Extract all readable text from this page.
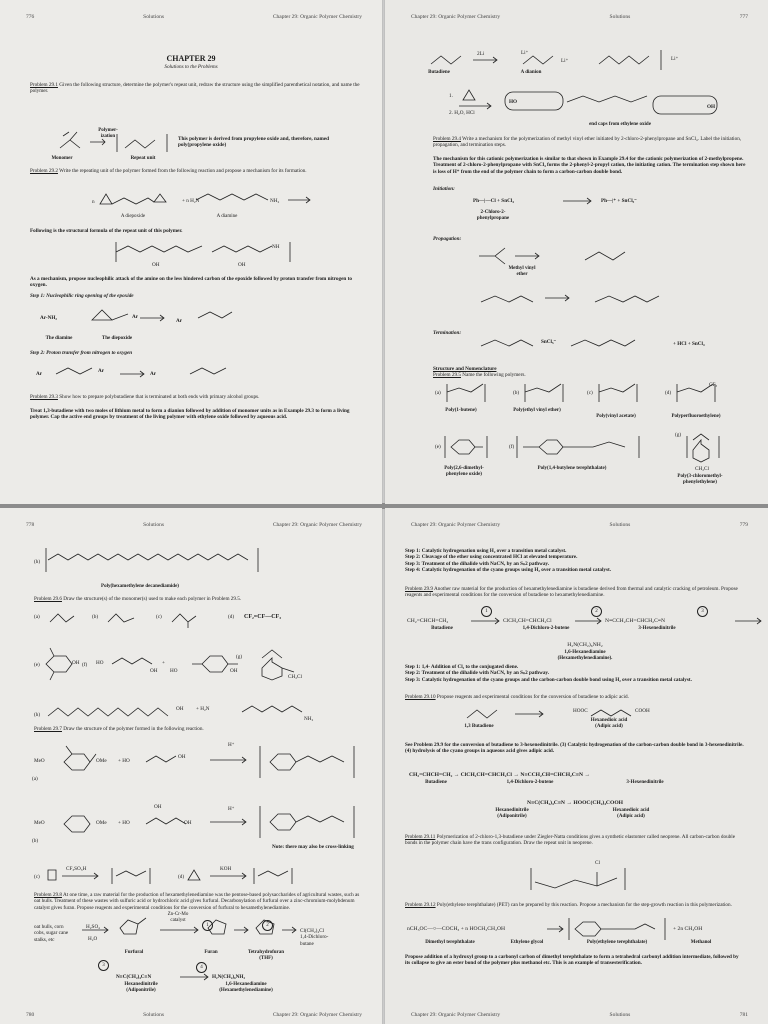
776	Solutions	Chapter 29: Organic Polymer Chemistry
CHAPTER 29
Solutions to the Problems
Problem 29.1 Given the following structure, determine the polymer's repeat unit, redraw the structure using the simplified parenthetical notation, and name the polymer.
Polymer-
ization
Monomer	Repeat unit
This polymer is derived from propylene oxide and, therefore, named poly(propylene oxide)
Problem 29.2 Write the repeating unit of the polymer formed from the following reaction and propose a mechanism for its formation.
n	+ n H₂N	NH₂
A diepoxide	A diamine
Following is the structural formula of the repeat unit of this polymer.
OH	OH
NH
As a mechanism, propose nucleophilic attack of the amine on the less hindered carbon of the epoxide followed by proton transfer from nitrogen to oxygen.
Step 1: Nucleophilic ring opening of the epoxide
Ar-NH₂	Ar
Ar
The diamine	The diepoxide
Step 2: Proton transfer from nitrogen to oxygen
Ar	Ar	Ar
Problem 29.3 Show how to prepare polybutadiene that is terminated at both ends with primary alcohol groups.
Treat 1,3-butadiene with two moles of lithium metal to form a dianion followed by addition of monomer units as in Example 29.3 to form a living polymer. Cap the active end groups by treatment of the living polymer with ethylene oxide followed by aqueous acid.
Chapter 29: Organic Polymer Chemistry	Solutions	777
2Li	Li⁺
Li⁺	Li⁺
Butadiene	A dianion
1.
2. H₂O, HCl
HO
OH
end caps from ethylene oxide
Problem 29.4 Write a mechanism for the polymerization of methyl vinyl ether initiated by 2-chloro-2-phenylpropane and SnCl₄. Label the initiation, propagation, and termination steps.
The mechanism for this cationic polymerization is similar to that shown in Example 29.4 for the cationic polymerization of 2-methylpropene. Treatment of 2-chloro-2-phenylpropane with SnCl₄ forms the 2-phenyl-2-propyl cation, the initiating cation. The termination step shown here is loss of H⁺ from the end of the polymer chain to form a carbon-carbon double bond.
Initiation:
Ph—|—Cl + SnCl₄	Ph—|⁺ + SnCl₅⁻
2-Chloro-2-
phenylpropane
Propagation:
Methyl vinyl
ether
Termination:
SnCl₅⁻	+ HCl + SnCl₄
Structure and Nomenclature
Problem 29.5 Name the following polymers.
(a)	(b)	(c)	(d)
CF₃
Poly(1-butene)	Poly(ethyl vinyl ether)
Poly(vinyl acetate)	Polyperfluoroethylene)
(e)	(f)
(g)
CH₂Cl
Poly(2,6-dimethyl-
phenylene oxide)
Poly(1,4-butylene terephthalate)
Poly(3-chloromethyl-
phenylethylene)
778	Solutions	Chapter 29: Organic Polymer Chemistry
(h)
Poly(hexamethylene decanediamide)
Problem 29.6 Draw the structure(s) of the monomer(s) used to make each polymer in Problem 29.5.
(a)	(b)	(c)	(d) CF₂=CF—CF₃
(e)	(f)
(g)
OH	HO
OH
+
HO	OH
CH₂Cl
(h)
OH + H₂N
NH₂
Problem 29.7 Draw the structure of the polymer formed in the following reaction.
MeO	OMe + HO
OH
H⁺
(a)
MeO	OMe + HO
OH
OH
H⁺
(b)
Note: there may also be cross-linking
(c)
CF₃SO₃H
(d)
KOH
Problem 29.8 At one time, a raw material for the production of hexamethylenediamine was the pentose-based polysaccharides of agricultural wastes, such as oat hulls. Treatment of these wastes with sulfuric acid or hydrochloric acid gives furfural. Decarbonylation of furfural over a zinc-chromium-molybdenum catalyst gives furan. Propose reagents and experimental conditions for the conversion of furfural to hexamethylenediamine.
oat hulls, corn
cobs, sugar cane
stalks, etc
H₂SO₄
H₂O
Zn-Cr-Mo
catalyst
1	2
Cl(CH₂)₄Cl
1,4-Dichloro-
butane
Furfural	Furan	Tetrahydrofuran
(THF)
3	4
N≡C(CH₂)₄C≡N	H₂N(CH₂)₆NH₂
Hexanedinitrile
(Adiponitrile)
1,6-Hexanediamine
(Hexamethylenediamine)
780	Solutions	Chapter 29: Organic Polymer Chemistry
Chapter 29: Organic Polymer Chemistry	Solutions	779
Step 1: Catalytic hydrogenation using H₂ over a transition metal catalyst.
Step 2: Cleavage of the ether using concentrated HCl at elevated temperature.
Step 3: Treatment of the dihalide with NaCN, by an Sₙ2 pathway.
Step 4: Catalytic hydrogenation of the cyano groups using H₂ over a transition metal catalyst.
Problem 29.9 Another raw material for the production of hexamethylenediamine is butadiene derived from thermal and catalytic cracking of petroleum. Propose reagents and experimental conditions for the conversion of butadiene to hexamethylenediamine.
1	2	3
CH₂=CHCH=CH₂	ClCH₂CH=CHCH₂Cl	N≡CCH₂CH=CHCH₂C≡N
Butadiene	1,4-Dichloro-2-butene	3-Hexenedinitrile
H₂N(CH₂)₆NH₂
1,6-Hexanediamine
(Hexamethylenediamine).
Step 1: 1,4- Addition of Cl₂ to the conjugated diene.
Step 2: Treatment of the dihalide with NaCN, by an Sₙ2 pathway.
Step 3: Catalytic hydrogenation of the cyano groups and the carbon-carbon double bond using H₂ over a transition metal catalyst.
Problem 29.10 Propose reagents and experimental conditions for the conversion of butadiene to adipic acid.
HOOC	COOH
1,3 Butadiene
Hexanedioic acid
(Adipic acid)
See Problem 29.9 for the conversion of butadiene to 3-hexenedinitrile. (3) Catalytic hydrogenation of the carbon-carbon double bond in 3-hexenedinitrile. (4) hydrolysis of the cyano groups in aqueous acid gives adipic acid.
CH₂=CHCH=CH₂ → ClCH₂CH=CHCH₂Cl → N≡CCH₂CH=CHCH₂C≡N →
Butadiene	1,4-Dichloro-2-butene	3-Hexenedinitrile
N≡C(CH₂)₄C≡N → HOOC(CH₂)₄COOH
Hexanedinitrile
(Adiponitrile)
Hexanedioic acid
(Adipic acid)
Problem 29.11 Polymerization of 2-chloro-1,3-butadiene under Ziegler-Natta conditions gives a synthetic elastomer called neoprene. All carbon-carbon double bonds in the polymer chain have the trans configuration. Draw the repeat unit in neoprene.
Cl
Problem 29.12 Poly(ethylene terephthalate) (PET) can be prepared by this reaction. Propose a mechanism for the step-growth reaction in this polymerization.
nCH₃OC—○—COCH₃ + n HOCH₂CH₂OH	+ 2n CH₃OH
Dimethyl terephthalate	Ethylene glycol	Poly(ethylene terephthalate)	Methanol
Propose addition of a hydroxyl group to a carbonyl carbon of dimethyl terephthalate to form a tetrahedral carbonyl addition intermediate, followed by its collapse to give an ester bond of the polymer plus methanol etc. This is an example of transesterification.
Chapter 29: Organic Polymer Chemistry	Solutions	781
